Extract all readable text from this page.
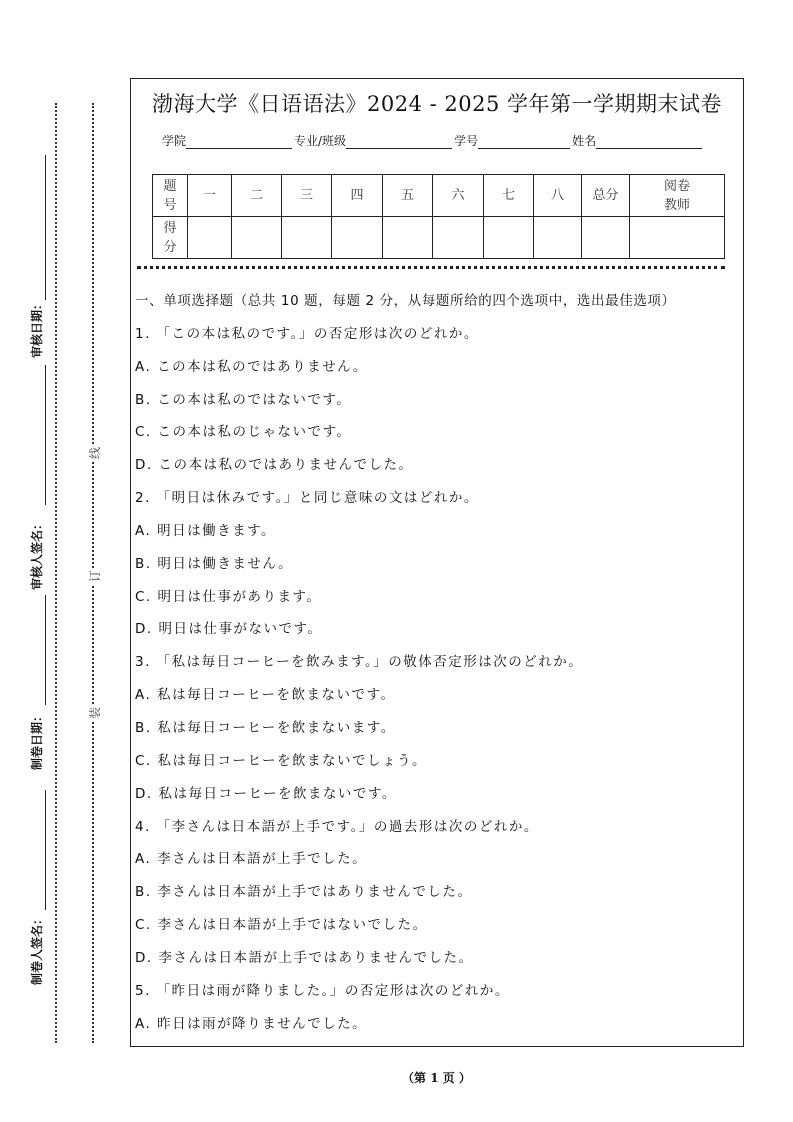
制卷人签名：
制卷日期：
审核人签名：
审核日期：
装
订
线
渤海大学《日语语法》2024 - 2025 学年第一学期期末试卷
学院	专业/班级	学号	姓名
题
号	一	二	三	四	五	六	七	八	总分	阅卷
教师
得
分										
一、单项选择题（总共 10 题，每题 2 分，从每题所给的四个选项中，选出最佳选项）
1. 「この本は私のです。」の否定形は次のどれか。
A. この本は私のではありません。
B. この本は私のではないです。
C. この本は私のじゃないです。
D. この本は私のではありませんでした。
2. 「明日は休みです。」と同じ意味の文はどれか。
A. 明日は働きます。
B. 明日は働きません。
C. 明日は仕事があります。
D. 明日は仕事がないです。
3. 「私は毎日コーヒーを飲みます。」の敬体否定形は次のどれか。
A. 私は毎日コーヒーを飲まないです。
B. 私は毎日コーヒーを飲まないます。
C. 私は毎日コーヒーを飲まないでしょう。
D. 私は毎日コーヒーを飲まないです。
4. 「李さんは日本語が上手です。」の過去形は次のどれか。
A. 李さんは日本語が上手でした。
B. 李さんは日本語が上手ではありませんでした。
C. 李さんは日本語が上手ではないでした。
D. 李さんは日本語が上手ではありませんでした。
5. 「昨日は雨が降りました。」の否定形は次のどれか。
A. 昨日は雨が降りませんでした。
（第 1 页 ）
